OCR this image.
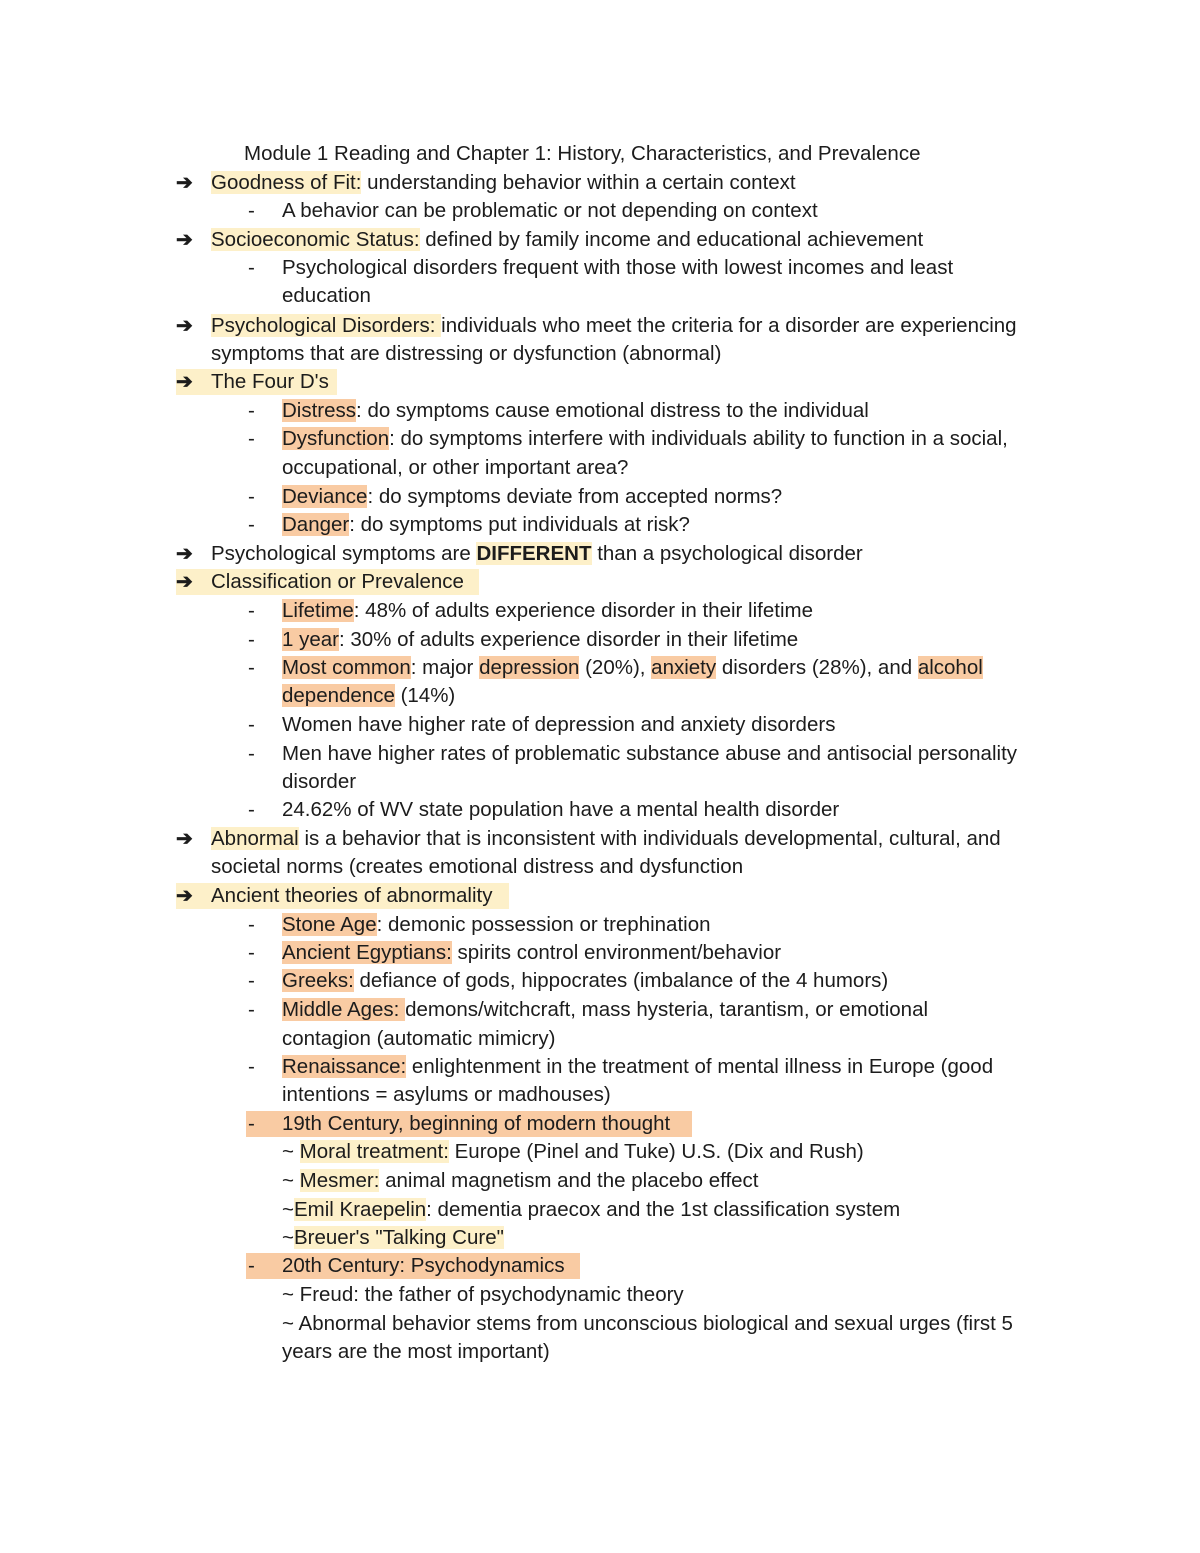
Module 1 Reading and Chapter 1: History, Characteristics, and Prevalence
➔ Goodness of Fit: understanding behavior within a certain context
- A behavior can be problematic or not depending on context
➔ Socioeconomic Status: defined by family income and educational achievement
- Psychological disorders frequent with those with lowest incomes and least
education
➔ Psychological Disorders: individuals who meet the criteria for a disorder are experiencing
symptoms that are distressing or dysfunction (abnormal)
➔ The Four D's
- Distress: do symptoms cause emotional distress to the individual
- Dysfunction: do symptoms interfere with individuals ability to function in a social,
occupational, or other important area?
- Deviance: do symptoms deviate from accepted norms?
- Danger: do symptoms put individuals at risk?
➔ Psychological symptoms are DIFFERENT than a psychological disorder
➔ Classification or Prevalence
- Lifetime: 48% of adults experience disorder in their lifetime
- 1 year: 30% of adults experience disorder in their lifetime
- Most common: major depression (20%), anxiety disorders (28%), and alcohol
dependence (14%)
- Women have higher rate of depression and anxiety disorders
- Men have higher rates of problematic substance abuse and antisocial personality
disorder
- 24.62% of WV state population have a mental health disorder
➔ Abnormal is a behavior that is inconsistent with individuals developmental, cultural, and
societal norms (creates emotional distress and dysfunction
➔ Ancient theories of abnormality
- Stone Age: demonic possession or trephination
- Ancient Egyptians: spirits control environment/behavior
- Greeks: defiance of gods, hippocrates (imbalance of the 4 humors)
- Middle Ages: demons/witchcraft, mass hysteria, tarantism, or emotional
contagion (automatic mimicry)
- Renaissance: enlightenment in the treatment of mental illness in Europe (good
intentions = asylums or madhouses)
- 19th Century, beginning of modern thought
~ Moral treatment: Europe (Pinel and Tuke) U.S. (Dix and Rush)
~ Mesmer: animal magnetism and the placebo effect
~Emil Kraepelin: dementia praecox and the 1st classification system
~Breuer's "Talking Cure"
- 20th Century: Psychodynamics
~ Freud: the father of psychodynamic theory
~ Abnormal behavior stems from unconscious biological and sexual urges (first 5
years are the most important)
